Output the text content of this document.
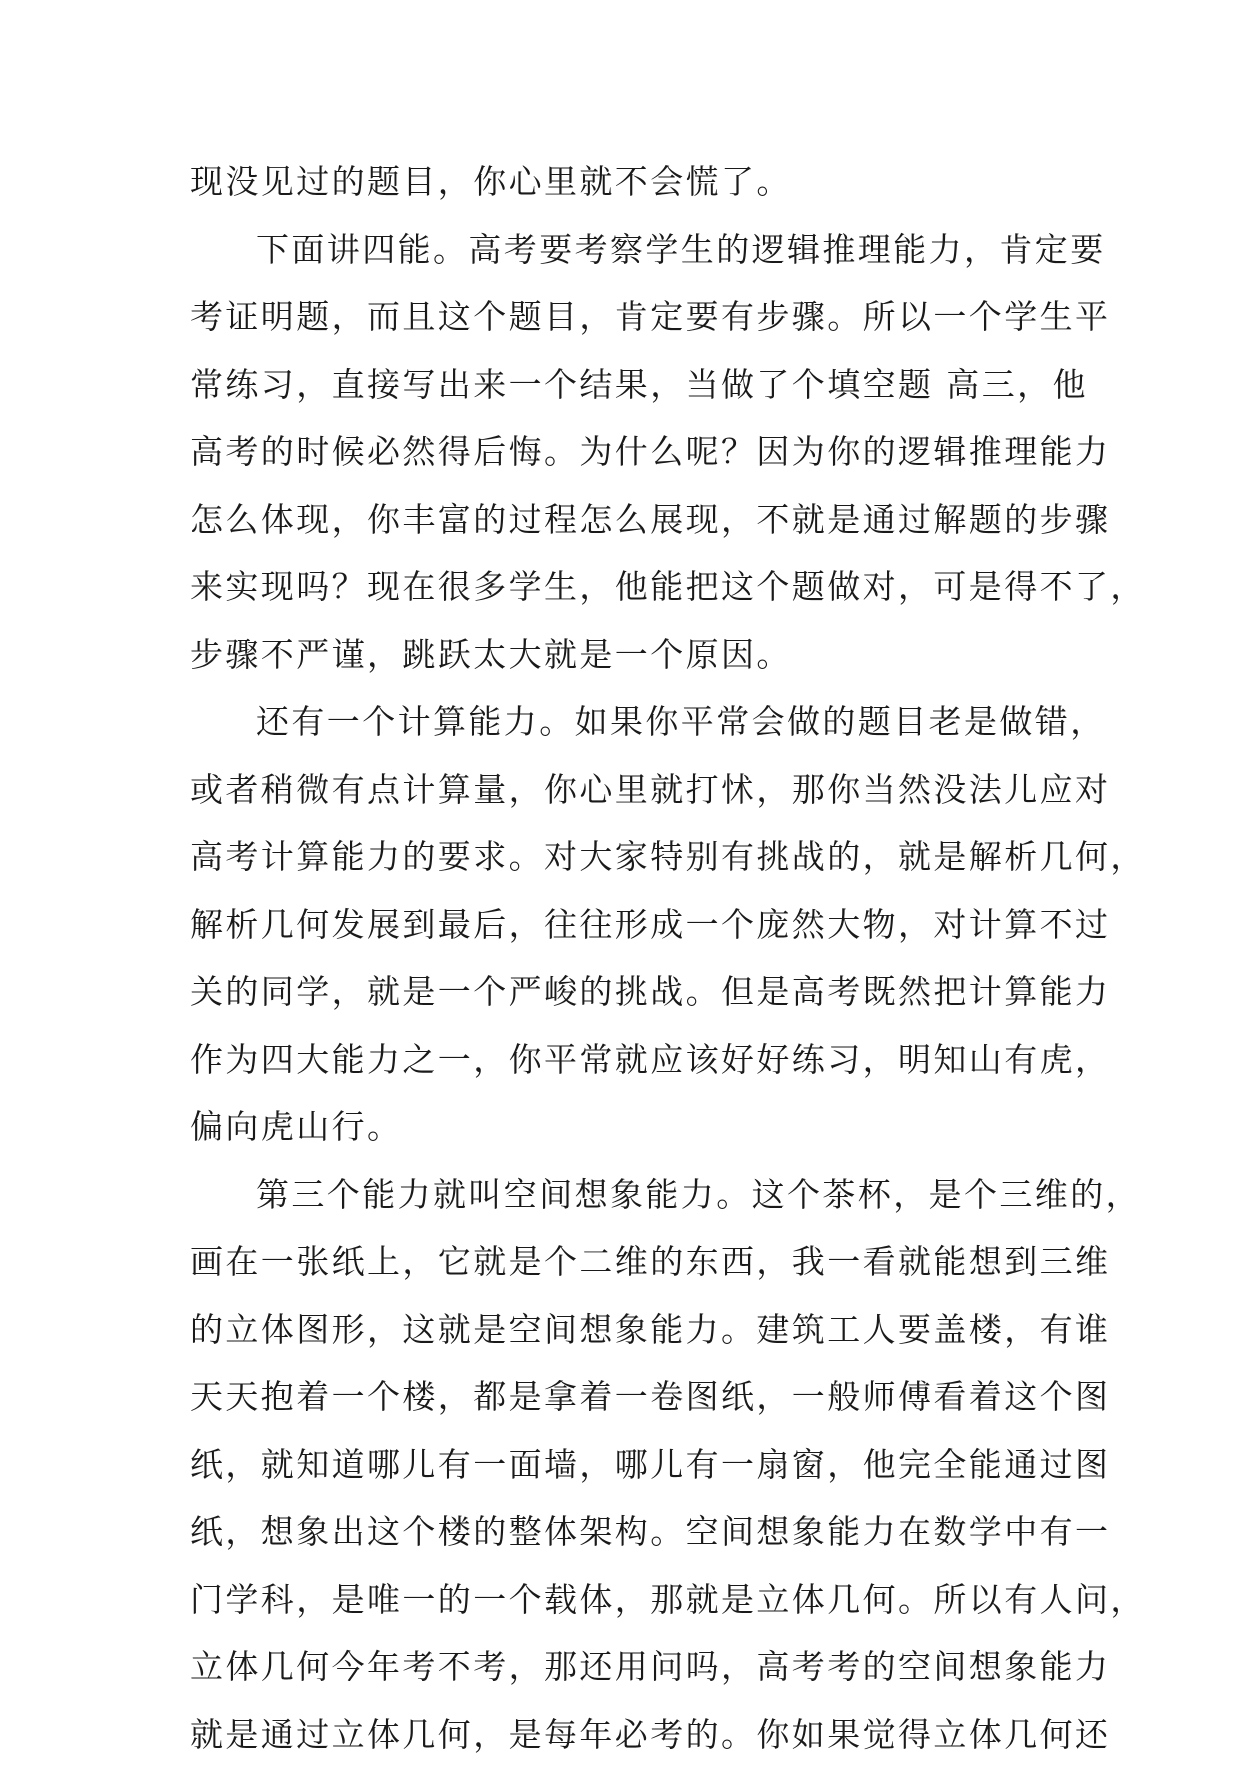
现没见过的题目，你心里就不会慌了。
下面讲四能。高考要考察学生的逻辑推理能力，肯定要
考证明题，而且这个题目，肯定要有步骤。所以一个学生平
常练习，直接写出来一个结果，当做了个填空题 高三，他
高考的时候必然得后悔。为什么呢？因为你的逻辑推理能力
怎么体现，你丰富的过程怎么展现，不就是通过解题的步骤
来实现吗？现在很多学生，他能把这个题做对，可是得不了，
步骤不严谨，跳跃太大就是一个原因。
还有一个计算能力。如果你平常会做的题目老是做错，
或者稍微有点计算量，你心里就打怵，那你当然没法儿应对
高考计算能力的要求。对大家特别有挑战的，就是解析几何，
解析几何发展到最后，往往形成一个庞然大物，对计算不过
关的同学，就是一个严峻的挑战。但是高考既然把计算能力
作为四大能力之一，你平常就应该好好练习，明知山有虎，
偏向虎山行。
第三个能力就叫空间想象能力。这个茶杯，是个三维的，
画在一张纸上，它就是个二维的东西，我一看就能想到三维
的立体图形，这就是空间想象能力。建筑工人要盖楼，有谁
天天抱着一个楼，都是拿着一卷图纸，一般师傅看着这个图
纸，就知道哪儿有一面墙，哪儿有一扇窗，他完全能通过图
纸，想象出这个楼的整体架构。空间想象能力在数学中有一
门学科，是唯一的一个载体，那就是立体几何。所以有人问，
立体几何今年考不考，那还用问吗，高考考的空间想象能力
就是通过立体几何，是每年必考的。你如果觉得立体几何还
